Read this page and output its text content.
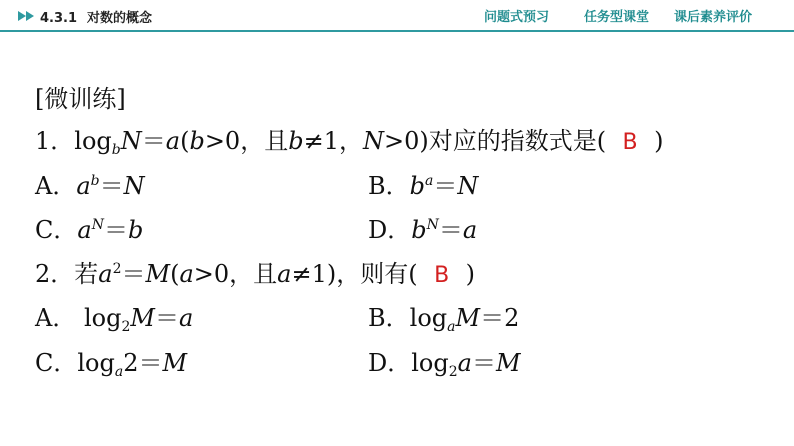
4.3.1 对数的概念	问题式预习	任务型课堂 课后素养评价
[微训练]
1．$\log_bN=a(b>0$，且b≠1，N>0)对应的指数式是( B )
A．$a^b=N$	B．$b^a=N$
C．$a^N=b$	D．$b^N=a$
2．若$a^2=M(a>0$，且a≠1)，则有( B )
A． $\log_2M=a$	B．$\log_aM=2$
C．$\log_a2=M$	D．$\log_2a=M$
